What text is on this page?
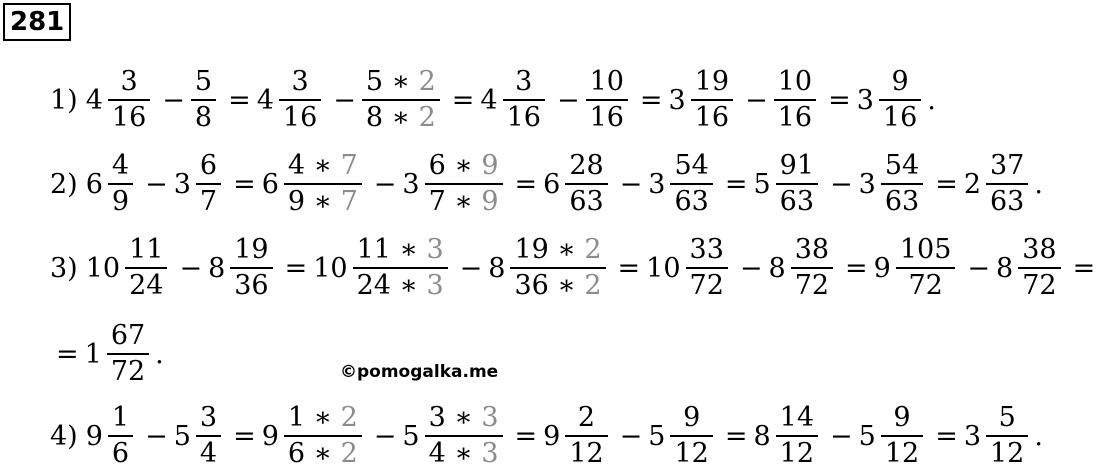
281
1) $4 \frac{3}{16} - \frac{5}{8} = 4 \frac{3}{16} - \frac{5 ∗ 2}{8 ∗ 2} = 4 \frac{3}{16} - \frac{10}{16} = 3 \frac{19}{16} - \frac{10}{16} = 3 \frac{9}{16}$ .
2) $6 \frac{4}{9} - 3 \frac{6}{7} = 6 \frac{4 ∗ 7}{9 ∗ 7} - 3 \frac{6 ∗ 9}{7 ∗ 9} = 6 \frac{28}{63} - 3 \frac{54}{63} = 5 \frac{91}{63} - 3 \frac{54}{63} = 2 \frac{37}{63}$ .
3) $10 \frac{11}{24} - 8 \frac{19}{36} = 10 \frac{11 ∗ 3}{24 ∗ 3} - 8 \frac{19 ∗ 2}{36 ∗ 2} = 10 \frac{33}{72} - 8 \frac{38}{72} = 9 \frac{105}{72} - 8 \frac{38}{72}$ =
= $1 \frac{67}{72}$ .
4) $9 \frac{1}{6} - 5 \frac{3}{4} = 9 \frac{1 ∗ 2}{6 ∗ 2} - 5 \frac{3 ∗ 3}{4 ∗ 3} = 9 \frac{2}{12} - 5 \frac{9}{12} = 8 \frac{14}{12} - 5 \frac{9}{12} = 3 \frac{5}{12}$ .
©pomogalka.me
